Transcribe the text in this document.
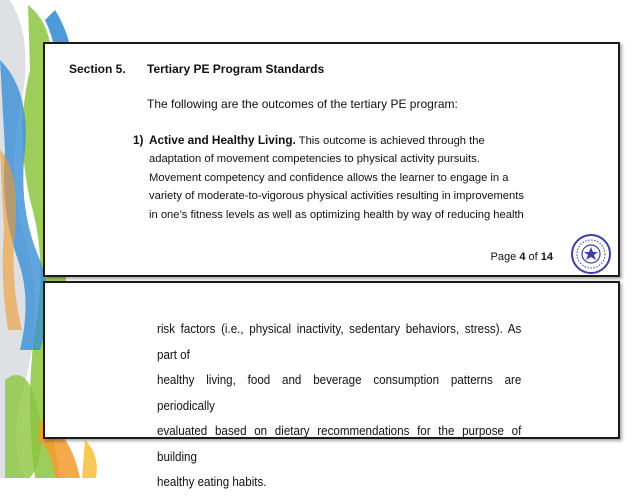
Section 5. Tertiary PE Program Standards
The following are the outcomes of the tertiary PE program:
1) Active and Healthy Living. This outcome is achieved through the
adaptation of movement competencies to physical activity pursuits.
Movement competency and confidence allows the learner to engage in a
variety of moderate-to-vigorous physical activities resulting in improvements
in one’s fitness levels as well as optimizing health by way of reducing health
Page 4 of 14
risk factors (i.e., physical inactivity, sedentary behaviors, stress). As part of
healthy living, food and beverage consumption patterns are periodically
evaluated based on dietary recommendations for the purpose of building
healthy eating habits.
